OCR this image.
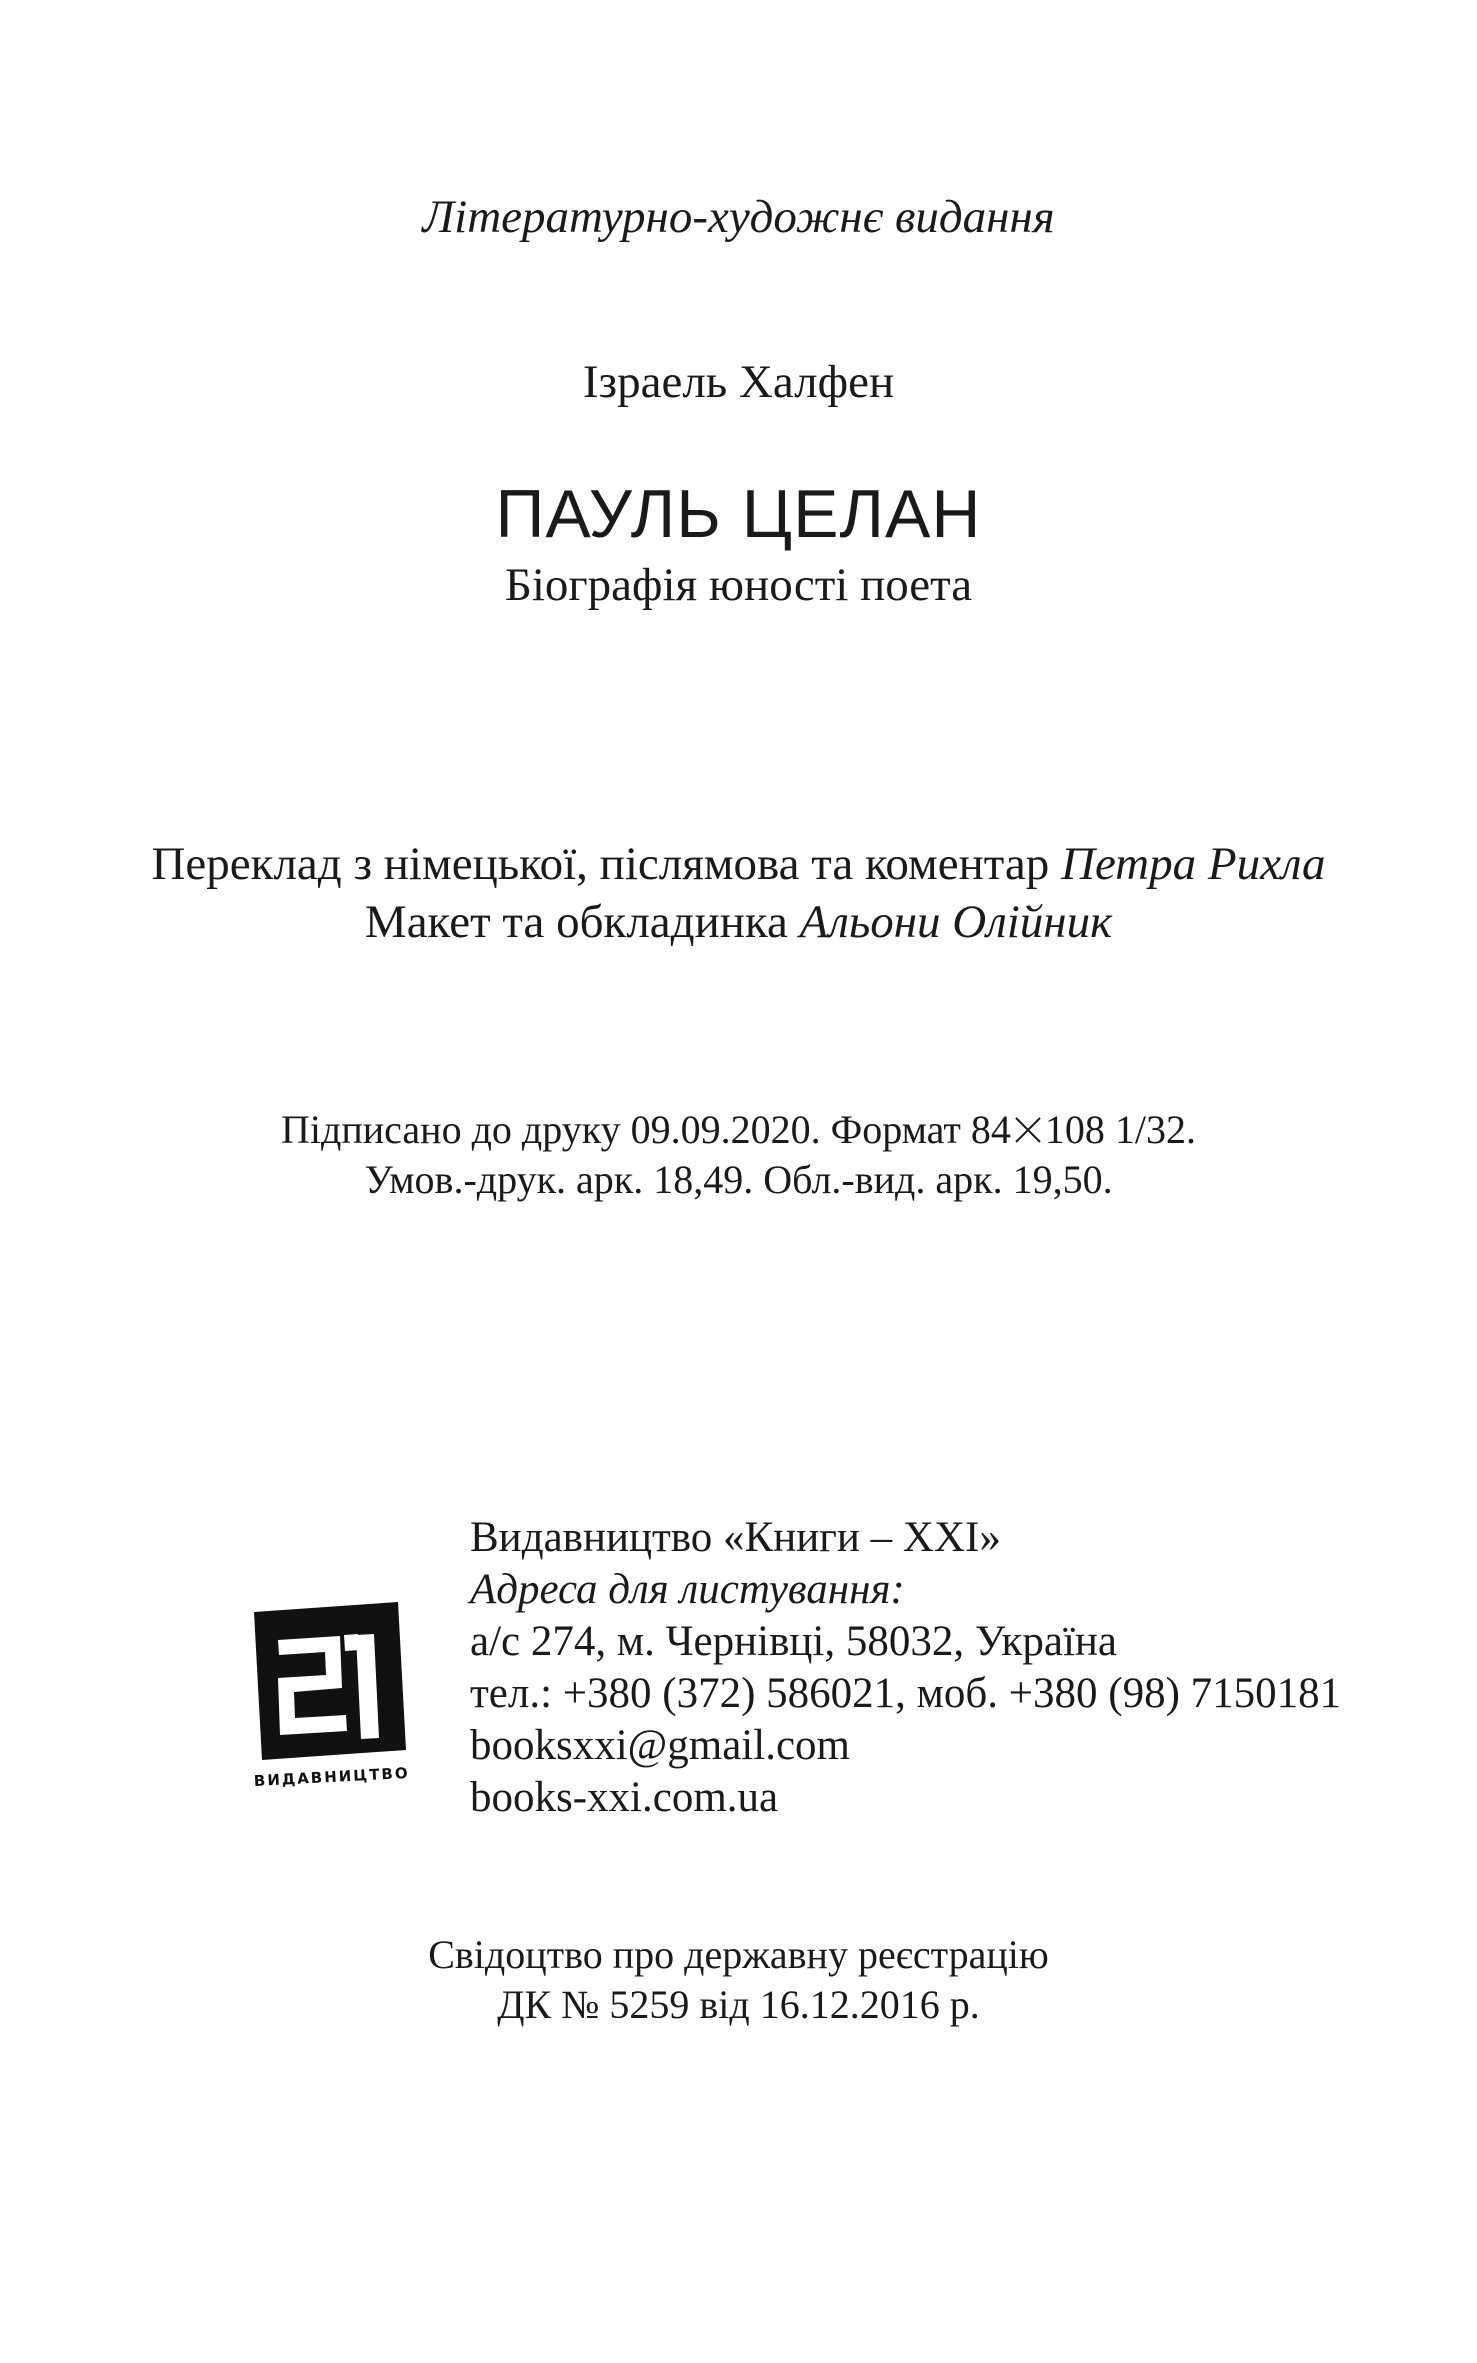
Літературно-художнє видання
Ізраель Халфен
ПАУЛЬ ЦЕЛАН
Біографія юності поета
Переклад з німецької, післямова та коментар Петра Рихла
Макет та обкладинка Альони Олійник
Підписано до друку 09.09.2020. Формат 84 108 1/32.
Умов.-друк. арк. 18,49. Обл.-вид. арк. 19,50.
ВИДАВНИЦТВО
Видавництво «Книги – XXI»
Адреса для листування:
а/с 274, м. Чернівці, 58032, Україна
тел.: +380 (372) 586021, моб. +380 (98) 7150181
booksxxi@gmail.com
books-xxi.com.ua
Свідоцтво про державну реєстрацію
ДК № 5259 від 16.12.2016 р.
